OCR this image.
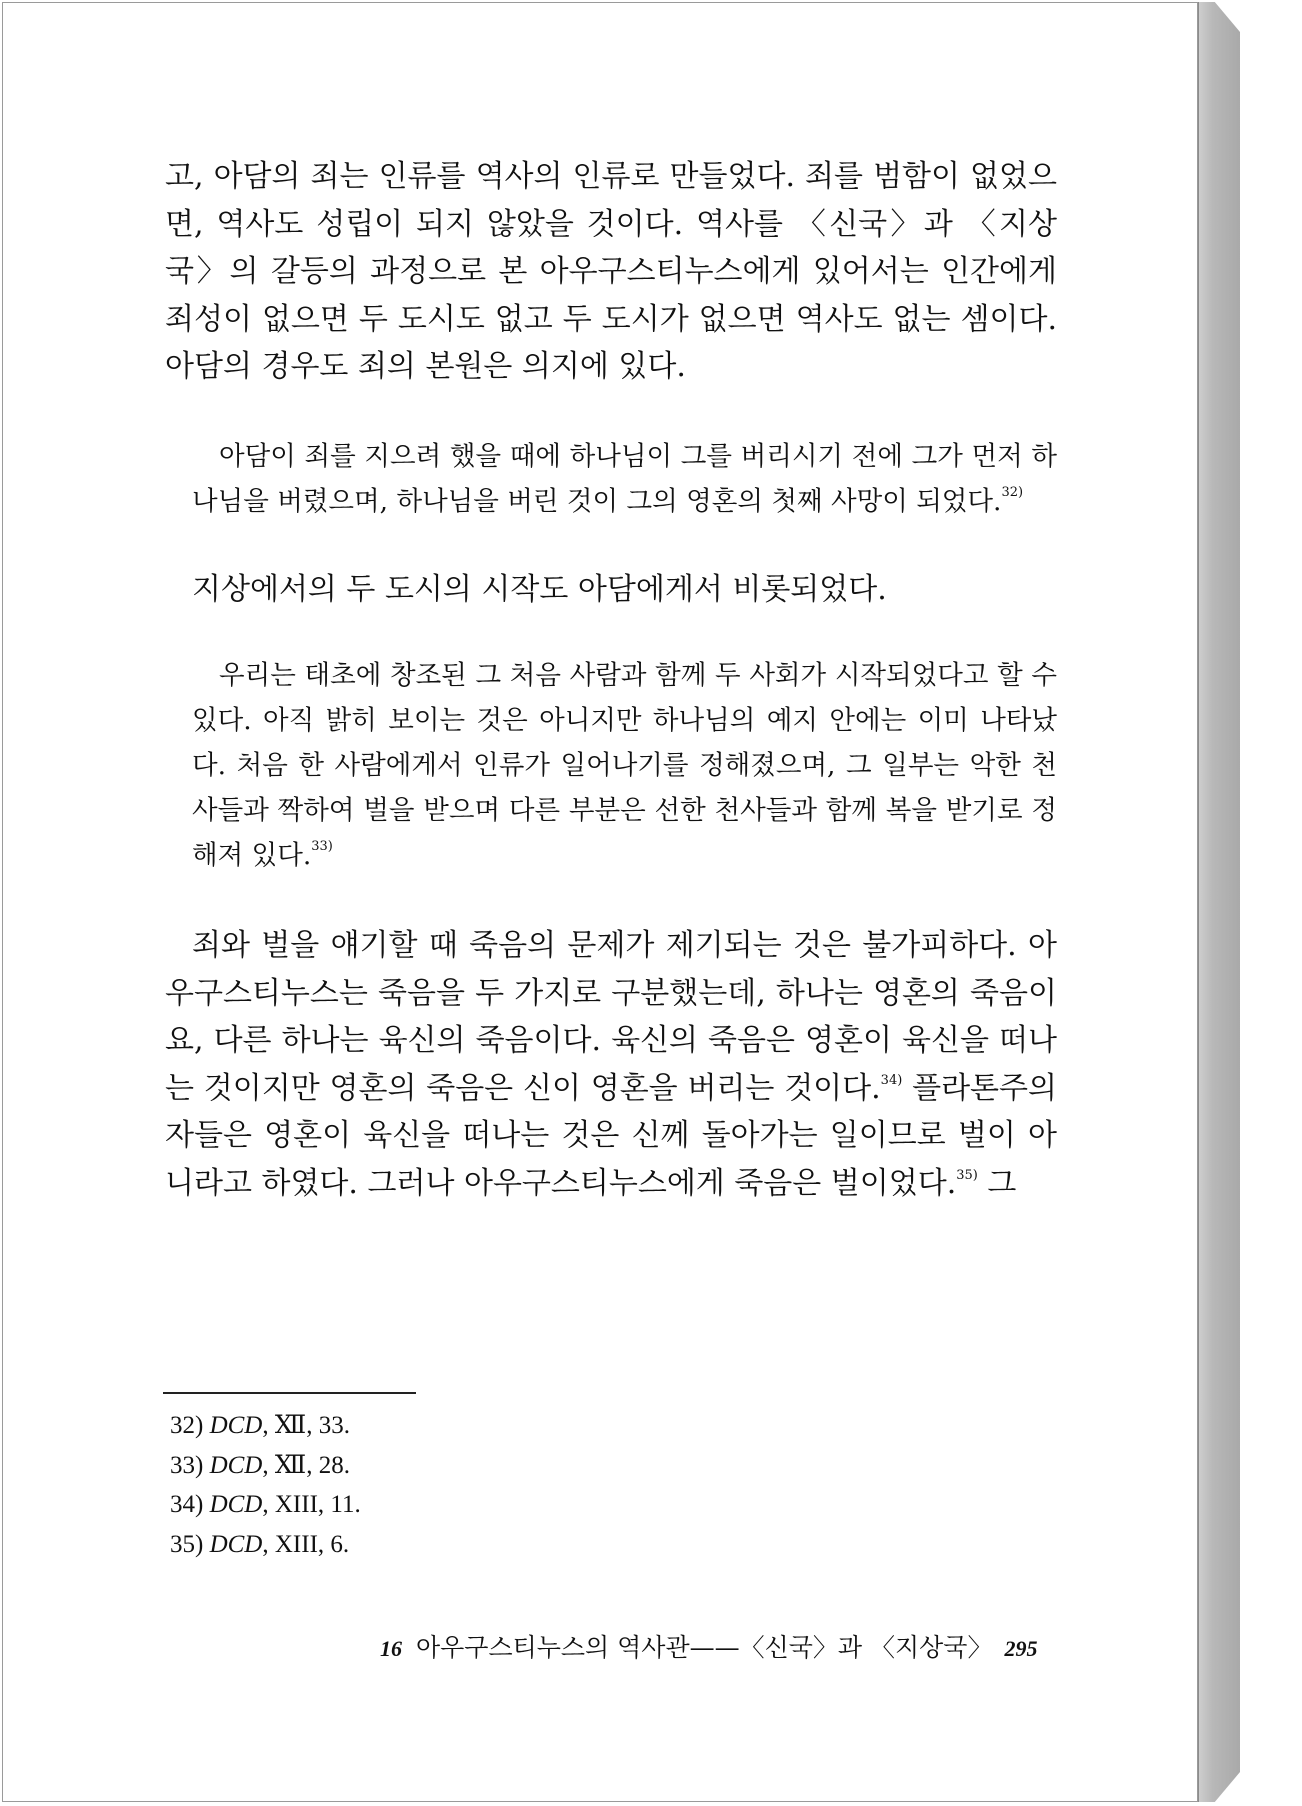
고, 아담의 죄는 인류를 역사의 인류로 만들었다. 죄를 범함이 없었으면, 역사도 성립이 되지 않았을 것이다. 역사를 〈신국〉과 〈지상국〉의 갈등의 과정으로 본 아우구스티누스에게 있어서는 인간에게 죄성이 없으면 두 도시도 없고 두 도시가 없으면 역사도 없는 셈이다. 아담의 경우도 죄의 본원은 의지에 있다.

아담이 죄를 지으려 했을 때에 하나님이 그를 버리시기 전에 그가 먼저 하나님을 버렸으며, 하나님을 버린 것이 그의 영혼의 첫째 사망이 되었다.$^{32)}$

지상에서의 두 도시의 시작도 아담에게서 비롯되었다.

우리는 태초에 창조된 그 처음 사람과 함께 두 사회가 시작되었다고 할 수 있다. 아직 밝히 보이는 것은 아니지만 하나님의 예지 안에는 이미 나타났다. 처음 한 사람에게서 인류가 일어나기를 정해졌으며, 그 일부는 악한 천사들과 짝하여 벌을 받으며 다른 부분은 선한 천사들과 함께 복을 받기로 정해져 있다.$^{33)}$

죄와 벌을 얘기할 때 죽음의 문제가 제기되는 것은 불가피하다. 아우구스티누스는 죽음을 두 가지로 구분했는데, 하나는 영혼의 죽음이요, 다른 하나는 육신의 죽음이다. 육신의 죽음은 영혼이 육신을 떠나는 것이지만 영혼의 죽음은 신이 영혼을 버리는 것이다.$^{34)}$ 플라톤주의자들은 영혼이 육신을 떠나는 것은 신께 돌아가는 일이므로 벌이 아니라고 하였다. 그러나 아우구스티누스에게 죽음은 벌이었다.$^{35)}$ 그

32) DCD, Ⅻ, 33.
33) DCD, Ⅻ, 28.
34) DCD, XIII, 11.
35) DCD, XIII, 6.
16 아우구스티누스의 역사관——〈신국〉과 〈지상국〉 295
